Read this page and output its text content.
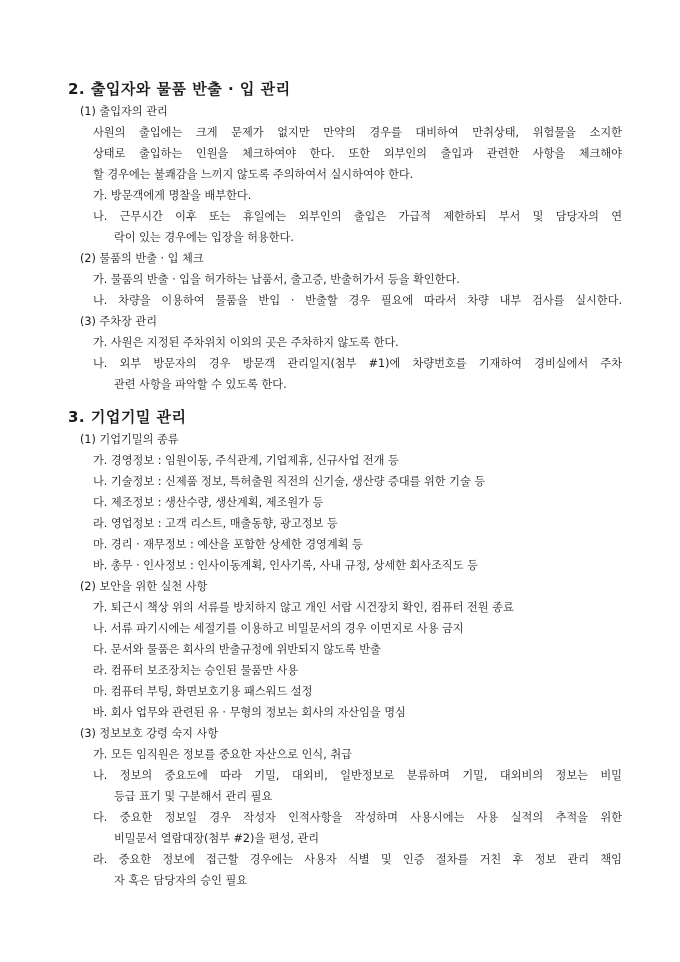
2. 출입자와 물품 반출 · 입 관리
(1) 출입자의 관리
사원의 출입에는 크게 문제가 없지만 만약의 경우를 대비하여 만취상태, 위험물을 소지한
상태로 출입하는 인원을 체크하여야 한다. 또한 외부인의 출입과 관련한 사항을 체크해야
할 경우에는 불쾌감을 느끼지 않도록 주의하여서 실시하여야 한다.
가. 방문객에게 명찰을 배부한다.
나. 근무시간 이후 또는 휴일에는 외부인의 출입은 가급적 제한하되 부서 및 담당자의 연
락이 있는 경우에는 입장을 허용한다.
(2) 물품의 반출 · 입 체크
가. 물품의 반출 · 입을 허가하는 납품서, 출고증, 반출허가서 등을 확인한다.
나. 차량을 이용하여 물품을 반입 · 반출할 경우 필요에 따라서 차량 내부 검사를 실시한다.
(3) 주차장 관리
가. 사원은 지정된 주차위치 이외의 곳은 주차하지 않도록 한다.
나. 외부 방문자의 경우 방문객 관리일지(첨부 #1)에 차량번호를 기재하여 경비실에서 주차
관련 사항을 파악할 수 있도록 한다.
3. 기업기밀 관리
(1) 기업기밀의 종류
가. 경영정보 : 임원이동, 주식관계, 기업제휴, 신규사업 전개 등
나. 기술정보 : 신제품 정보, 특허출원 직전의 신기술, 생산량 증대를 위한 기술 등
다. 제조정보 : 생산수량, 생산계획, 제조원가 등
라. 영업정보 : 고객 리스트, 매출동향, 광고정보 등
마. 경리 · 재무정보 : 예산을 포함한 상세한 경영계획 등
바. 총무 · 인사정보 : 인사이동계획, 인사기록, 사내 규정, 상세한 회사조직도 등
(2) 보안을 위한 실천 사항
가. 퇴근시 책상 위의 서류를 방치하지 않고 개인 서랍 시건장치 확인, 컴퓨터 전원 종료
나. 서류 파기시에는 세절기를 이용하고 비밀문서의 경우 이면지로 사용 금지
다. 문서와 물품은 회사의 반출규정에 위반되지 않도록 반출
라. 컴퓨터 보조장치는 승인된 물품만 사용
마. 컴퓨터 부팅, 화면보호기용 패스워드 설정
바. 회사 업무와 관련된 유 · 무형의 정보는 회사의 자산임을 명심
(3) 정보보호 강령 숙지 사항
가. 모든 임직원은 정보를 중요한 자산으로 인식, 취급
나. 정보의 중요도에 따라 기밀, 대외비, 일반정보로 분류하며 기밀, 대외비의 정보는 비밀
등급 표기 및 구분해서 관리 필요
다. 중요한 정보일 경우 작성자 인적사항을 작성하며 사용시에는 사용 실적의 추적을 위한
비밀문서 열람대장(첨부 #2)을 편성, 관리
라. 중요한 정보에 접근할 경우에는 사용자 식별 및 인증 절차를 거친 후 정보 관리 책임
자 혹은 담당자의 승인 필요
